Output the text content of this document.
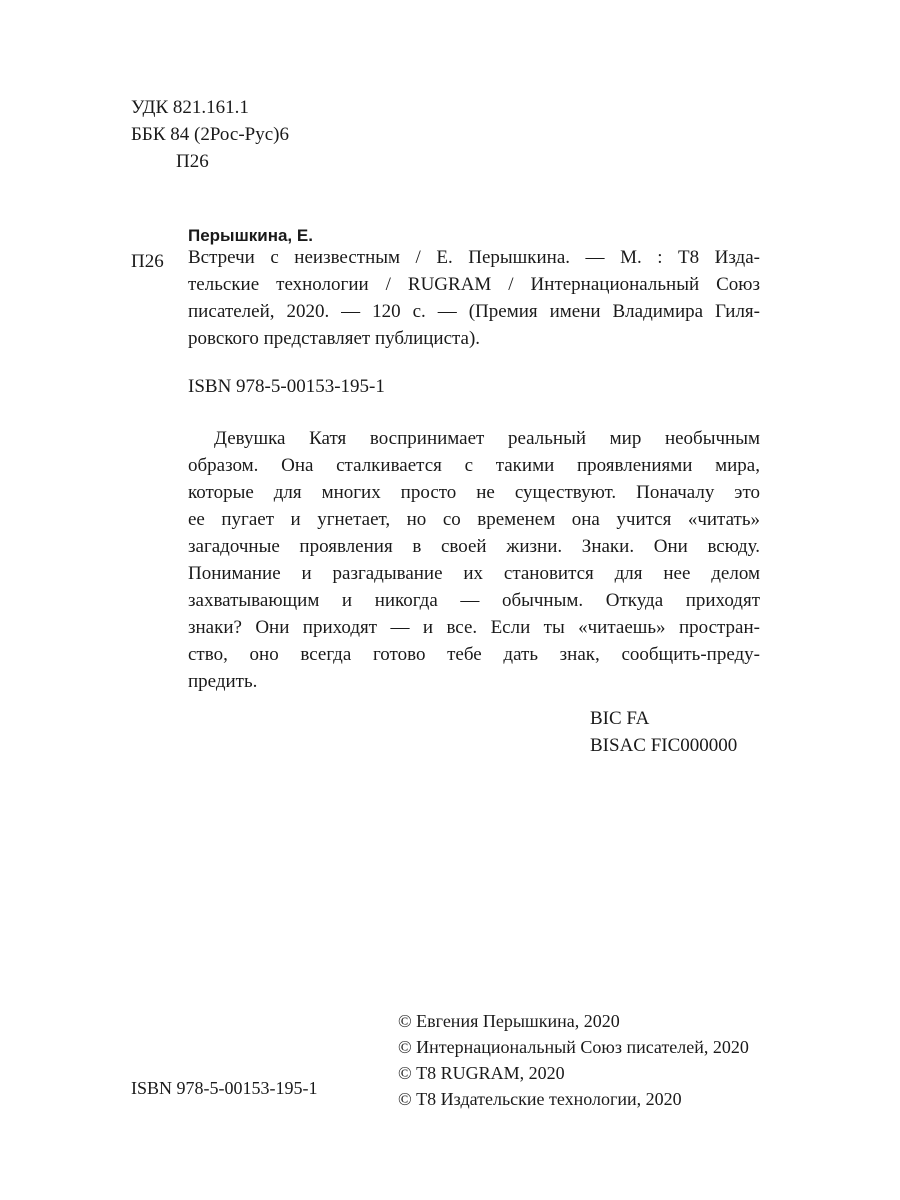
УДК 821.161.1
ББК 84 (2Рос-Рус)6
П26
Перышкина, Е.
П26 Встречи с неизвестным / Е. Перышкина. — М. : Т8 Изда-
тельские технологии / RUGRAM / Интернациональный Союз
писателей, 2020. — 120 с. — (Премия имени Владимира Гиля-
ровского представляет публициста).
ISBN 978-5-00153-195-1
Девушка Катя воспринимает реальный мир необычным
образом. Она сталкивается с такими проявлениями мира,
которые для многих просто не существуют. Поначалу это
ее пугает и угнетает, но со временем она учится «читать»
загадочные проявления в своей жизни. Знаки. Они всюду.
Понимание и разгадывание их становится для нее делом
захватывающим и никогда — обычным. Откуда приходят
знаки? Они приходят — и все. Если ты «читаешь» простран-
ство, оно всегда готово тебе дать знак, сообщить-преду-
предить.
BIC FA
BISAC FIC000000
© Евгения Перышкина, 2020
© Интернациональный Союз писателей, 2020
© Т8 RUGRAM, 2020
© Т8 Издательские технологии, 2020
ISBN 978-5-00153-195-1
